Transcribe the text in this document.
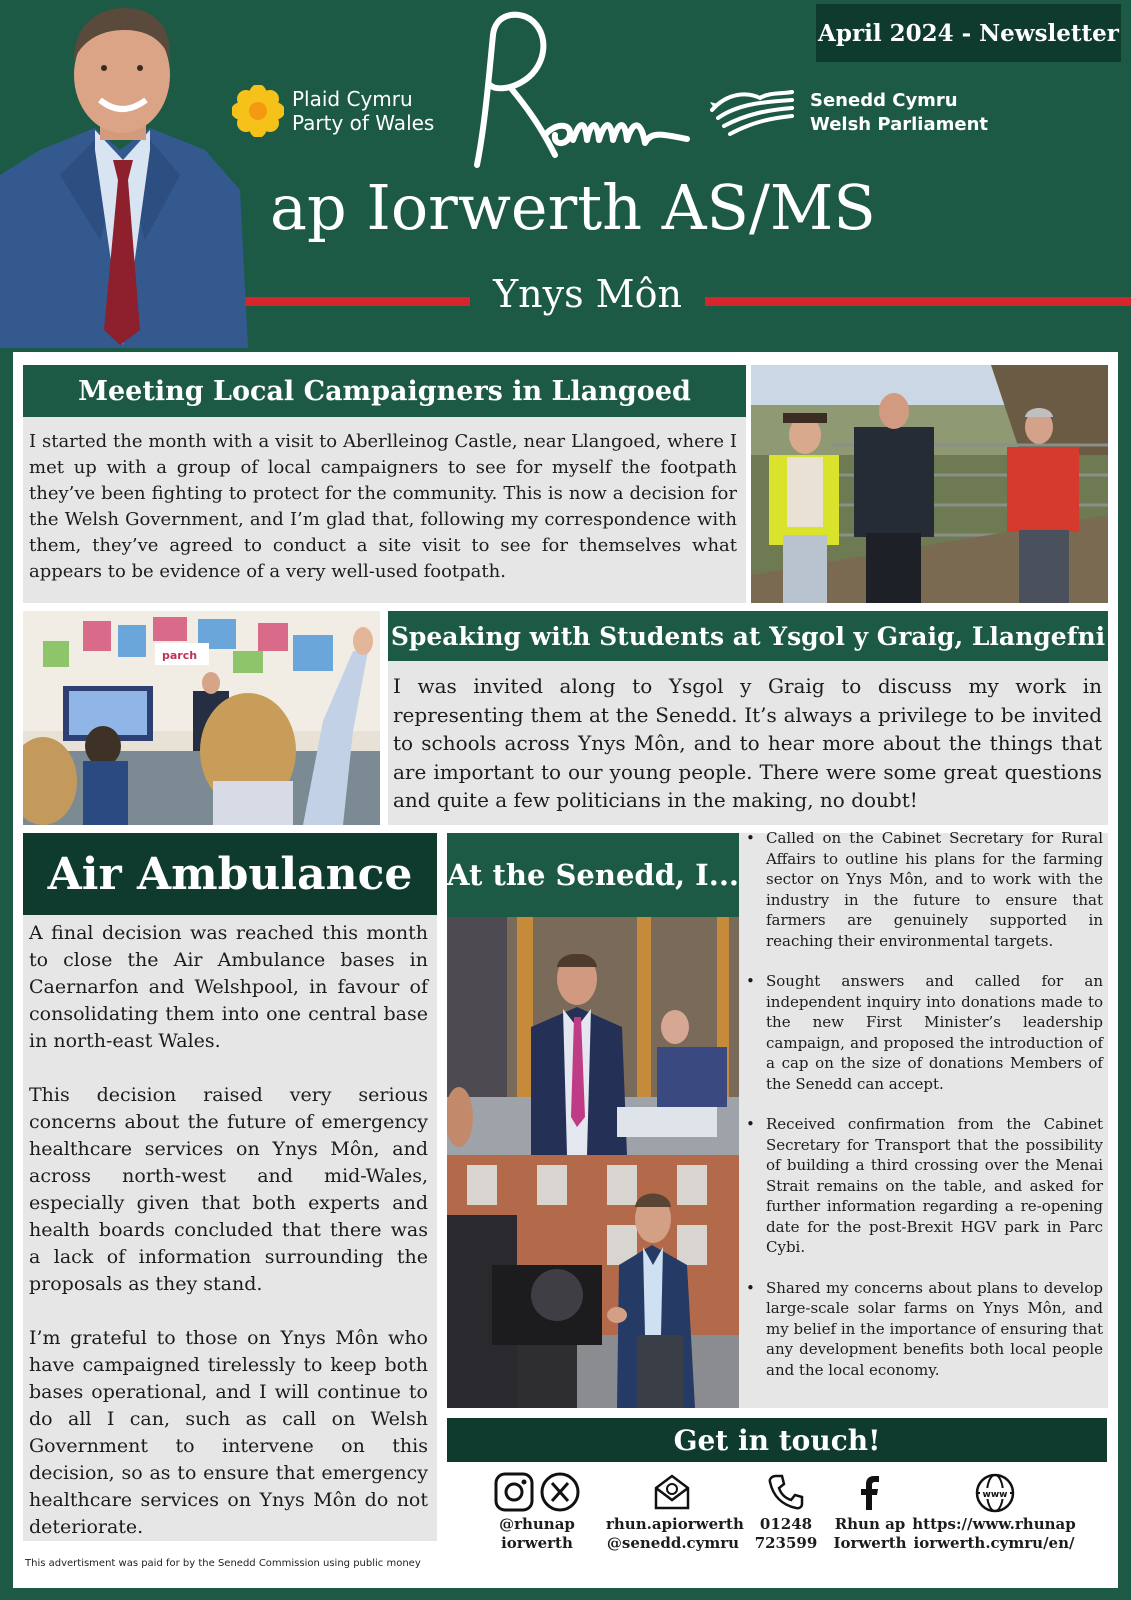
Plaid Cymru
Party of Wales
Senedd Cymru
Welsh Parliament
ap Iorwerth AS/MS
Ynys Môn
April 2024 - Newsletter
Meeting Local Campaigners in Llangoed
I started the month with a visit to Aberlleinog Castle, near Llangoed, where I met up with a group of local campaigners to see for myself the footpath they’ve been fighting to protect for the community. This is now a decision for the Welsh Government, and I’m glad that, following my correspondence with them, they’ve agreed to conduct a site visit to see for themselves what appears to be evidence of a very well-used footpath.
parch
Speaking with Students at Ysgol y Graig, Llangefni
I was invited along to Ysgol y Graig to discuss my work in representing them at the Senedd. It’s always a privilege to be invited to schools across Ynys Môn, and to hear more about the things that are important to our young people. There were some great questions and quite a few politicians in the making, no doubt!
Air Ambulance
A final decision was reached this month to close the Air Ambulance bases in Caernarfon and Welshpool, in favour of consolidating them into one central base in north-east Wales.
This decision raised very serious concerns about the future of emergency healthcare services on Ynys Môn, and across north-west and mid-Wales, especially given that both experts and health boards concluded that there was a lack of information surrounding the proposals as they stand.
I’m grateful to those on Ynys Môn who have campaigned tirelessly to keep both bases operational, and I will continue to do all I can, such as call on Welsh Government to intervene on this decision, so as to ensure that emergency healthcare services on Ynys Môn do not deteriorate.
At the Senedd, I...
• Called on the Cabinet Secretary for Rural Affairs to outline his plans for the farming sector on Ynys Môn, and to work with the industry in the future to ensure that farmers are genuinely supported in reaching their environmental targets.
• Sought answers and called for an independent inquiry into donations made to the new First Minister’s leadership campaign, and proposed the introduction of a cap on the size of donations Members of the Senedd can accept.
• Received confirmation from the Cabinet Secretary for Transport that the possibility of building a third crossing over the Menai Strait remains on the table, and asked for further information regarding a re-opening date for the post-Brexit HGV park in Parc Cybi.
• Shared my concerns about plans to develop large-scale solar farms on Ynys Môn, and my belief in the importance of ensuring that any development benefits both local people and the local economy.
Get in touch!
@rhunap
iorwerth
rhun.apiorwerth
@senedd.cymru
01248
723599
Rhun ap
Iorwerth
www
https://www.rhunap
iorwerth.cymru/en/
This advertisment was paid for by the Senedd Commission using public money
